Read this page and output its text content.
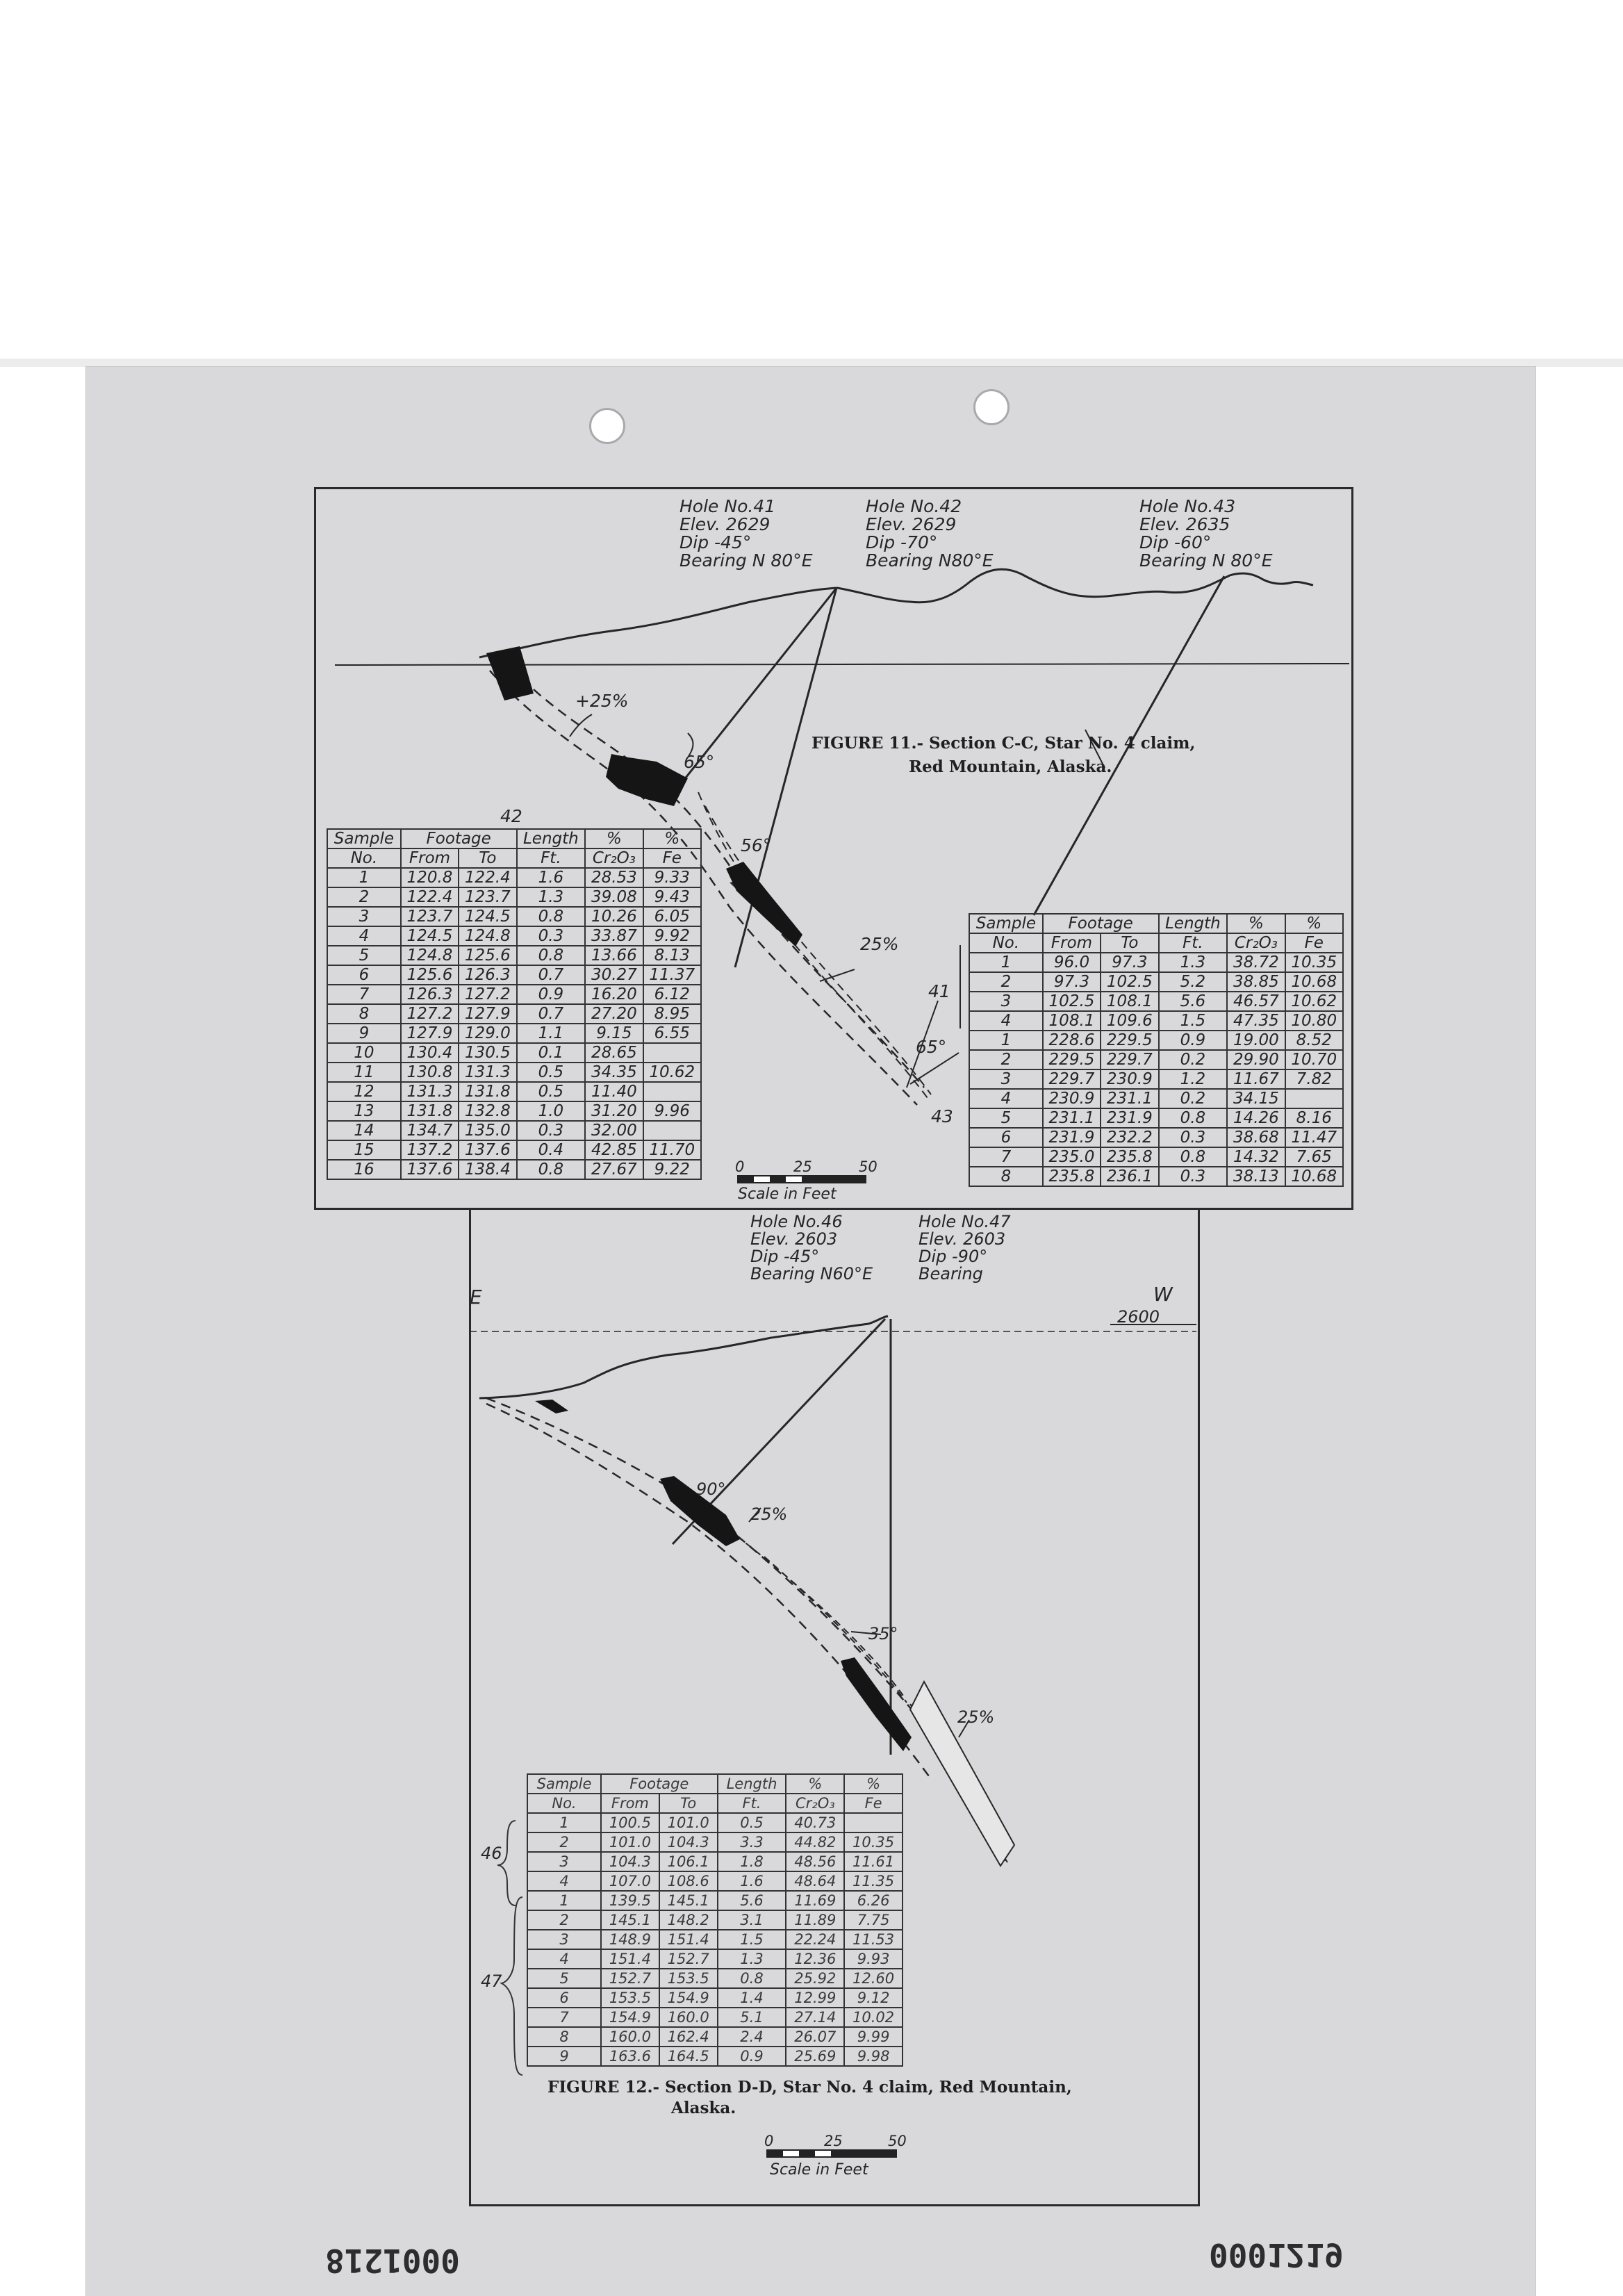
Hole No.41
Elev. 2629
Dip -45°
Bearing N 80°E
Hole No.42
Elev. 2629
Dip -70°
Bearing N80°E
Hole No.43
Elev. 2635
Dip -60°
Bearing N 80°E
FIGURE 11.- Section C-C, Star No. 4 claim,
Red Mountain, Alaska.
+25%
65°
56°
25%
65°
42
41
43
0	25	50
Scale in Feet
Sample	Footage		Length	%	%
No.	From	To	Ft.	Cr₂O₃	Fe
1	120.8	122.4	1.6	28.53	9.33
2	122.4	123.7	1.3	39.08	9.43
3	123.7	124.5	0.8	10.26	6.05
4	124.5	124.8	0.3	33.87	9.92
5	124.8	125.6	0.8	13.66	8.13
6	125.6	126.3	0.7	30.27	11.37
7	126.3	127.2	0.9	16.20	6.12
8	127.2	127.9	0.7	27.20	8.95
9	127.9	129.0	1.1	9.15	6.55
10	130.4	130.5	0.1	28.65	
11	130.8	131.3	0.5	34.35	10.62
12	131.3	131.8	0.5	11.40	
13	131.8	132.8	1.0	31.20	9.96
14	134.7	135.0	0.3	32.00	
15	137.2	137.6	0.4	42.85	11.70
16	137.6	138.4	0.8	27.67	9.22
Sample	Footage		Length	%	%
No.	From	To	Ft.	Cr₂O₃	Fe
1	96.0	97.3	1.3	38.72	10.35
2	97.3	102.5	5.2	38.85	10.68
3	102.5	108.1	5.6	46.57	10.62
4	108.1	109.6	1.5	47.35	10.80
1	228.6	229.5	0.9	19.00	8.52
2	229.5	229.7	0.2	29.90	10.70
3	229.7	230.9	1.2	11.67	7.82
4	230.9	231.1	0.2	34.15	
5	231.1	231.9	0.8	14.26	8.16
6	231.9	232.2	0.3	38.68	11.47
7	235.0	235.8	0.8	14.32	7.65
8	235.8	236.1	0.3	38.13	10.68
Hole No.46
Elev. 2603
Dip -45°
Bearing N60°E
Hole No.47
Elev. 2603
Dip -90°
Bearing
E	W
2600
90°
25%
35°
25%
46
47
Sample	Footage		Length	%	%
No.	From	To	Ft.	Cr₂O₃	Fe
1	100.5	101.0	0.5	40.73	
2	101.0	104.3	3.3	44.82	10.35
3	104.3	106.1	1.8	48.56	11.61
4	107.0	108.6	1.6	48.64	11.35
1	139.5	145.1	5.6	11.69	6.26
2	145.1	148.2	3.1	11.89	7.75
3	148.9	151.4	1.5	22.24	11.53
4	151.4	152.7	1.3	12.36	9.93
5	152.7	153.5	0.8	25.92	12.60
6	153.5	154.9	1.4	12.99	9.12
7	154.9	160.0	5.1	27.14	10.02
8	160.0	162.4	2.4	26.07	9.99
9	163.6	164.5	0.9	25.69	9.98
FIGURE 12.- Section D-D, Star No. 4 claim, Red Mountain,
Alaska.
0	25	50
Scale in Feet
0001218	0001219
